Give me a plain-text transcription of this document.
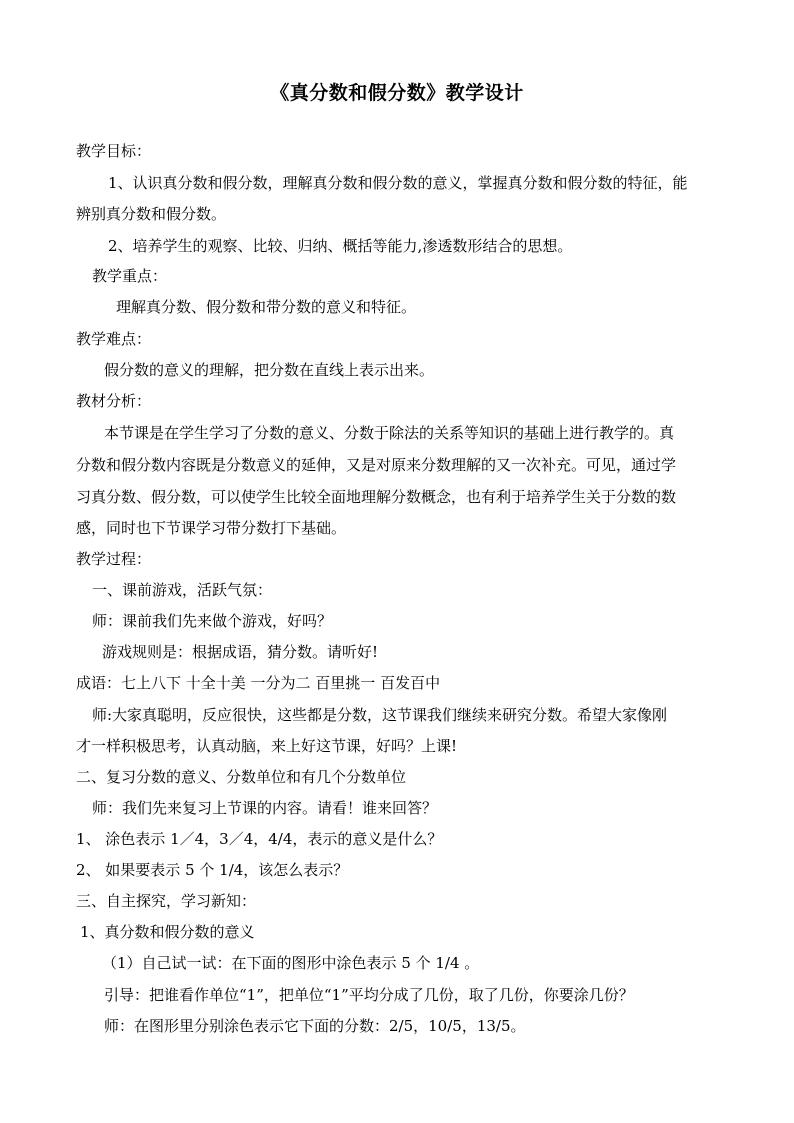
《真分数和假分数》教学设计
教学目标：
1、认识真分数和假分数，理解真分数和假分数的意义，掌握真分数和假分数的特征，能
辨别真分数和假分数。
2、培养学生的观察、比较、归纳、概括等能力,渗透数形结合的思想。
教学重点：
理解真分数、假分数和带分数的意义和特征。
教学难点：
假分数的意义的理解，把分数在直线上表示出来。
教材分析：
本节课是在学生学习了分数的意义、分数于除法的关系等知识的基础上进行教学的。真
分数和假分数内容既是分数意义的延伸，又是对原来分数理解的又一次补充。可见，通过学
习真分数、假分数，可以使学生比较全面地理解分数概念，也有利于培养学生关于分数的数
感，同时也下节课学习带分数打下基础。
教学过程：
一、课前游戏，活跃气氛：
师：课前我们先来做个游戏，好吗？
游戏规则是：根据成语，猜分数。请听好!
成语：七上八下 十全十美 一分为二 百里挑一 百发百中
师:大家真聪明，反应很快，这些都是分数，这节课我们继续来研究分数。希望大家像刚
才一样积极思考，认真动脑，来上好这节课，好吗？上课!
二、复习分数的意义、分数单位和有几个分数单位
师：我们先来复习上节课的内容。请看！谁来回答？
1、 涂色表示 1／4，3／4，4/4，表示的意义是什么？
2、 如果要表示 5 个 1/4，该怎么表示？
三、自主探究，学习新知：
1、真分数和假分数的意义
（1）自己试一试：在下面的图形中涂色表示 5 个 1/4 。
引导：把谁看作单位“1”，把单位“1”平均分成了几份，取了几份，你要涂几份？
师：在图形里分别涂色表示它下面的分数：2/5，10/5，13/5。
